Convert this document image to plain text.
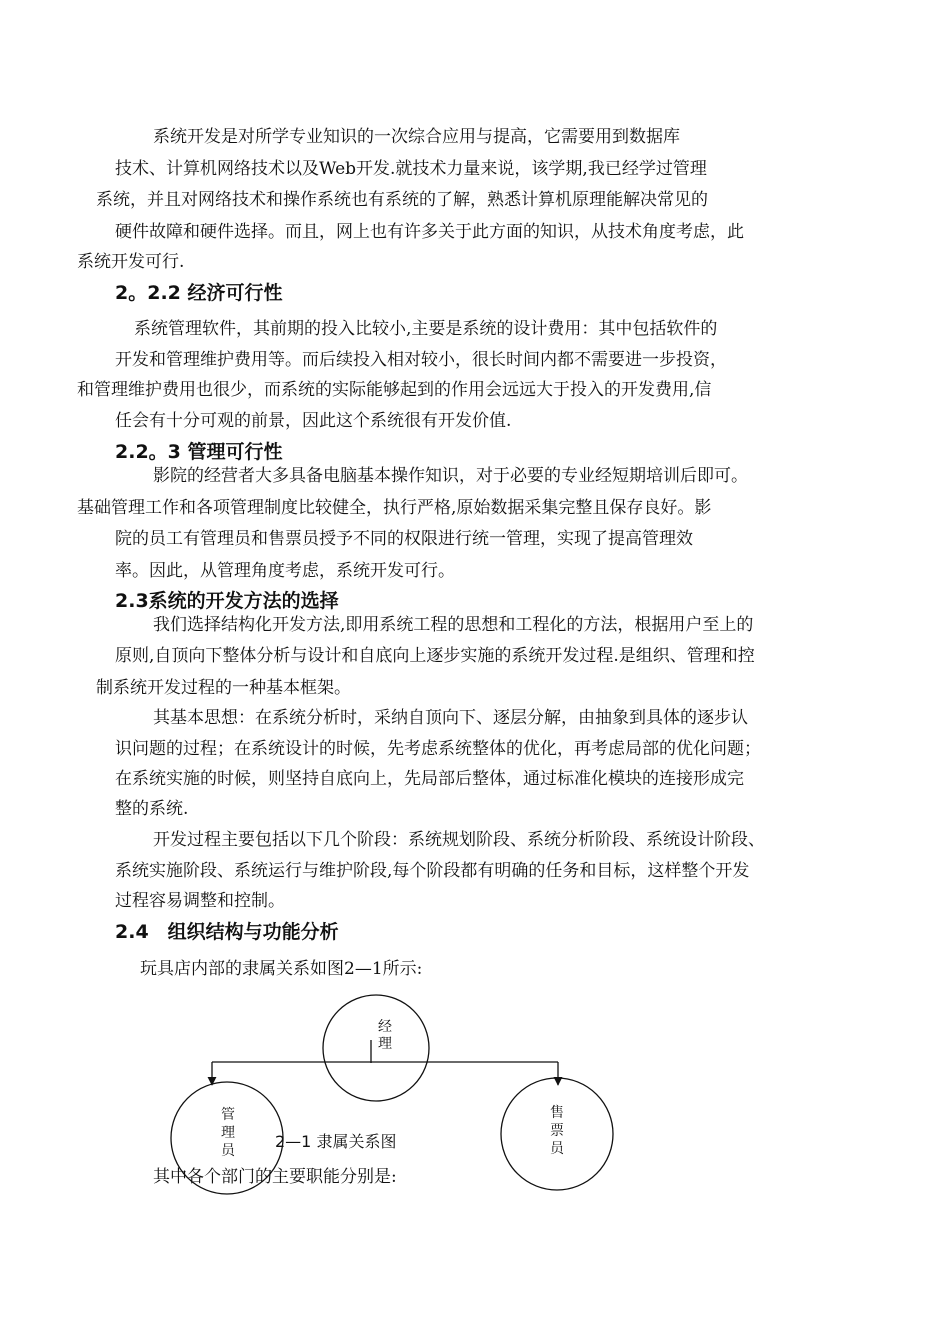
系统开发是对所学专业知识的一次综合应用与提高，它需要用到数据库
技术、计算机网络技术以及Web开发.就技术力量来说，该学期,我已经学过管理
系统，并且对网络技术和操作系统也有系统的了解，熟悉计算机原理能解决常见的
硬件故障和硬件选择。而且，网上也有许多关于此方面的知识，从技术角度考虑，此
系统开发可行.
2。2.2 经济可行性
系统管理软件，其前期的投入比较小,主要是系统的设计费用：其中包括软件的
开发和管理维护费用等。而后续投入相对较小，很长时间内都不需要进一步投资，
和管理维护费用也很少，而系统的实际能够起到的作用会远远大于投入的开发费用,信
任会有十分可观的前景，因此这个系统很有开发价值.
2.2。3 管理可行性
影院的经营者大多具备电脑基本操作知识，对于必要的专业经短期培训后即可。
基础管理工作和各项管理制度比较健全，执行严格,原始数据采集完整且保存良好。影
院的员工有管理员和售票员授予不同的权限进行统一管理，实现了提高管理效
率。因此，从管理角度考虑，系统开发可行。
2.3系统的开发方法的选择
我们选择结构化开发方法,即用系统工程的思想和工程化的方法，根据用户至上的
原则,自顶向下整体分析与设计和自底向上逐步实施的系统开发过程.是组织、管理和控
制系统开发过程的一种基本框架。
其基本思想：在系统分析时，采纳自顶向下、逐层分解，由抽象到具体的逐步认
识问题的过程；在系统设计的时候，先考虑系统整体的优化，再考虑局部的优化问题；
在系统实施的时候，则坚持自底向上，先局部后整体，通过标准化模块的连接形成完
整的系统.
开发过程主要包括以下几个阶段：系统规划阶段、系统分析阶段、系统设计阶段、
系统实施阶段、系统运行与维护阶段,每个阶段都有明确的任务和目标，这样整个开发
过程容易调整和控制。
2.4　组织结构与功能分析
玩具店内部的隶属关系如图2—1所示:
经
理
管
理
员
售
票
员
2—1 隶属关系图
其中各个部门的主要职能分别是:
